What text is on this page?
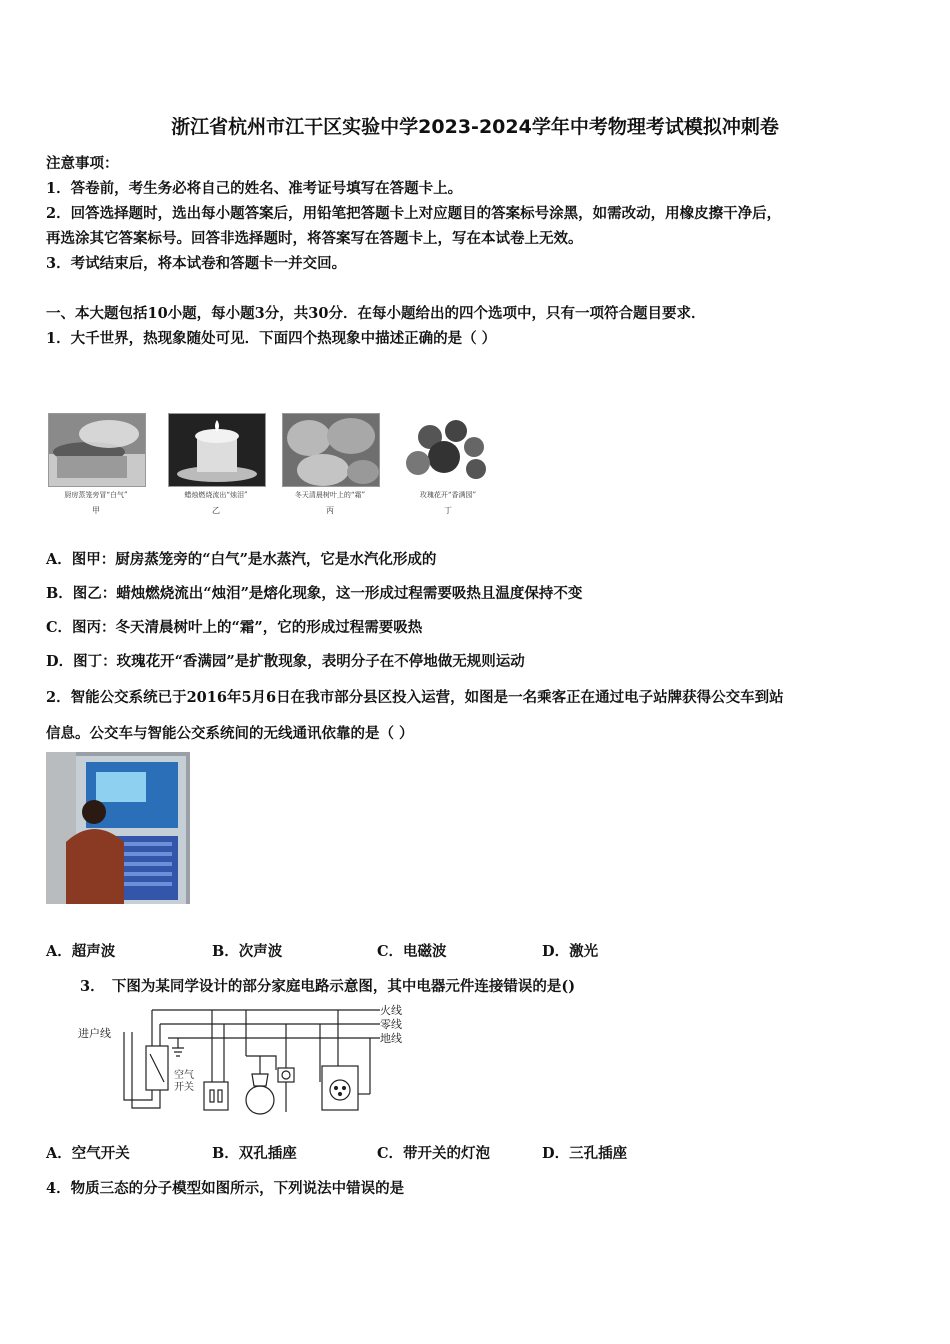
浙江省杭州市江干区实验中学2023-2024学年中考物理考试模拟冲刺卷
注意事项：
1．答卷前，考生务必将自己的姓名、准考证号填写在答题卡上。
2．回答选择题时，选出每小题答案后，用铅笔把答题卡上对应题目的答案标号涂黑，如需改动，用橡皮擦干净后，
再选涂其它答案标号。回答非选择题时，将答案写在答题卡上，写在本试卷上无效。
3．考试结束后，将本试卷和答题卡一并交回。
一、本大题包括10小题，每小题3分，共30分．在每小题给出的四个选项中，只有一项符合题目要求．
1．大千世界，热现象随处可见．下面四个热现象中描述正确的是（ ）
厨房蒸笼旁冒“白气”
甲
蜡烛燃烧流出“烛泪”
乙
冬天清晨树叶上的“霜”
丙
玫瑰花开“香满园”
丁
A．图甲：厨房蒸笼旁的“白气”是水蒸汽，它是水汽化形成的
B．图乙：蜡烛燃烧流出“烛泪”是熔化现象，这一形成过程需要吸热且温度保持不变
C．图丙：冬天清晨树叶上的“霜”，它的形成过程需要吸热
D．图丁：玫瑰花开“香满园”是扩散现象，表明分子在不停地做无规则运动
2．智能公交系统已于2016年5月6日在我市部分县区投入运营，如图是一名乘客正在通过电子站牌获得公交车到站
信息。公交车与智能公交系统间的无线通讯依靠的是（ ）
A．超声波	B．次声波	C．电磁波	D．激光
3．　下图为某同学设计的部分家庭电路示意图，其中电器元件连接错误的是()
进户线
火线
零线
地线
空气
开关
A．空气开关	B．双孔插座	C．带开关的灯泡	D．三孔插座
4．物质三态的分子模型如图所示，下列说法中错误的是
